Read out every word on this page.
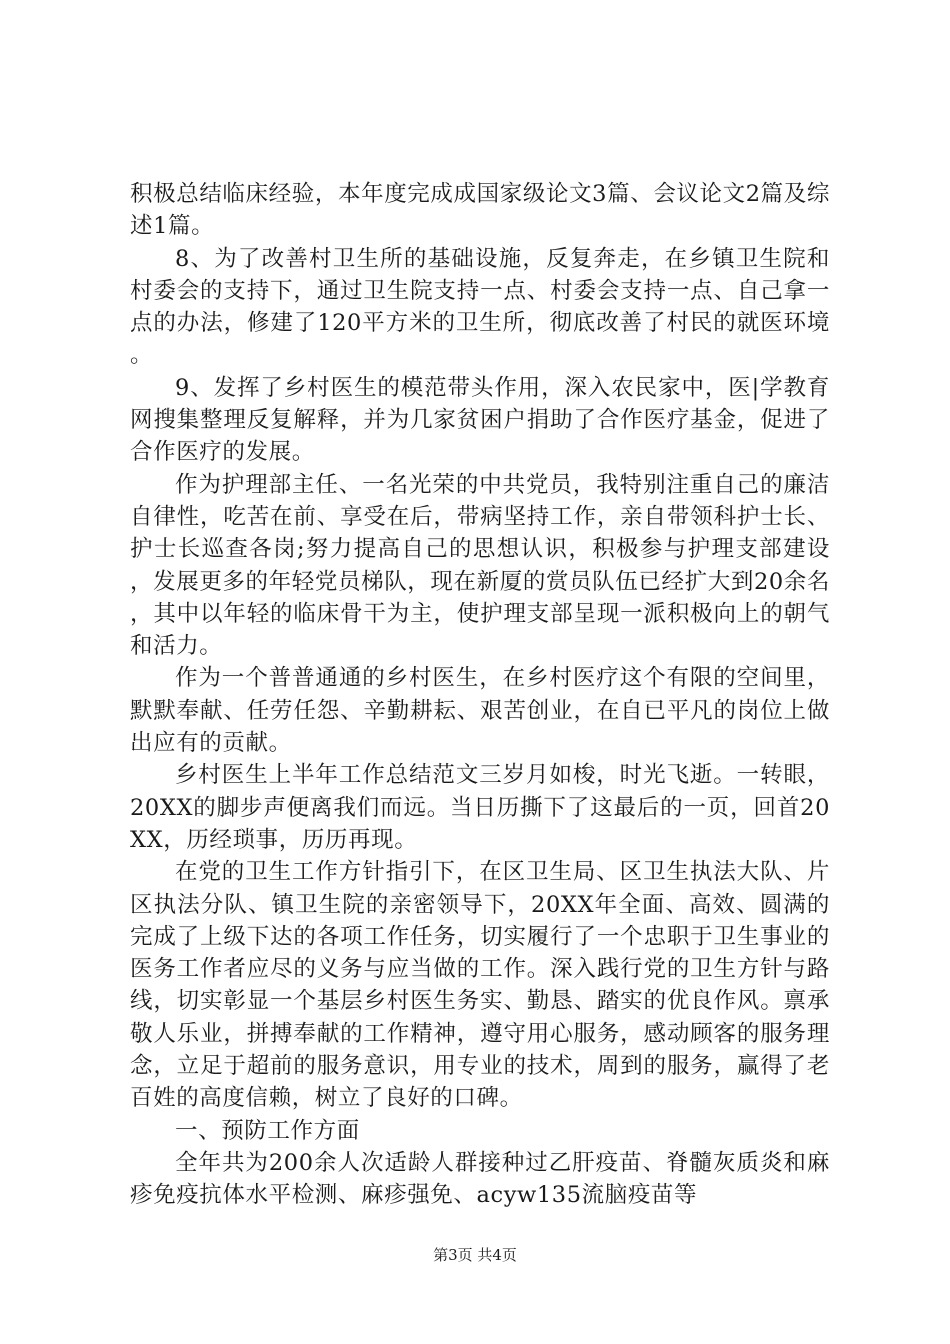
积极总结临床经验，本年度完成成国家级论文3篇、会议论文2篇及综述1篇。

8、为了改善村卫生所的基础设施，反复奔走，在乡镇卫生院和村委会的支持下，通过卫生院支持一点、村委会支持一点、自己拿一点的办法，修建了120平方米的卫生所，彻底改善了村民的就医环境。

9、发挥了乡村医生的模范带头作用，深入农民家中，医|学教育网搜集整理反复解释，并为几家贫困户捐助了合作医疗基金，促进了合作医疗的发展。

作为护理部主任、一名光荣的中共党员，我特别注重自己的廉洁自律性，吃苦在前、享受在后，带病坚持工作，亲自带领科护士长、护士长巡查各岗;努力提高自己的思想认识，积极参与护理支部建设，发展更多的年轻党员梯队，现在新厦的赏员队伍已经扩大到20余名，其中以年轻的临床骨干为主，使护理支部呈现一派积极向上的朝气和活力。

作为一个普普通通的乡村医生，在乡村医疗这个有限的空间里，默默奉献、任劳任怨、辛勤耕耘、艰苦创业，在自已平凡的岗位上做出应有的贡献。

乡村医生上半年工作总结范文三岁月如梭，时光飞逝。一转眼，20XX的脚步声便离我们而远。当日历撕下了这最后的一页，回首20XX，历经琐事，历历再现。

在党的卫生工作方针指引下，在区卫生局、区卫生执法大队、片区执法分队、镇卫生院的亲密领导下，20XX年全面、高效、圆满的完成了上级下达的各项工作任务，切实履行了一个忠职于卫生事业的医务工作者应尽的义务与应当做的工作。深入践行党的卫生方针与路线，切实彰显一个基层乡村医生务实、勤恳、踏实的优良作风。禀承敬人乐业，拼搏奉献的工作精神，遵守用心服务，感动顾客的服务理念，立足于超前的服务意识，用专业的技术，周到的服务，赢得了老百姓的高度信赖，树立了良好的口碑。

一、预防工作方面

全年共为200余人次适龄人群接种过乙肝疫苗、脊髓灰质炎和麻疹免疫抗体水平检测、麻疹强免、acyw135流脑疫苗等

第3页 共4页
